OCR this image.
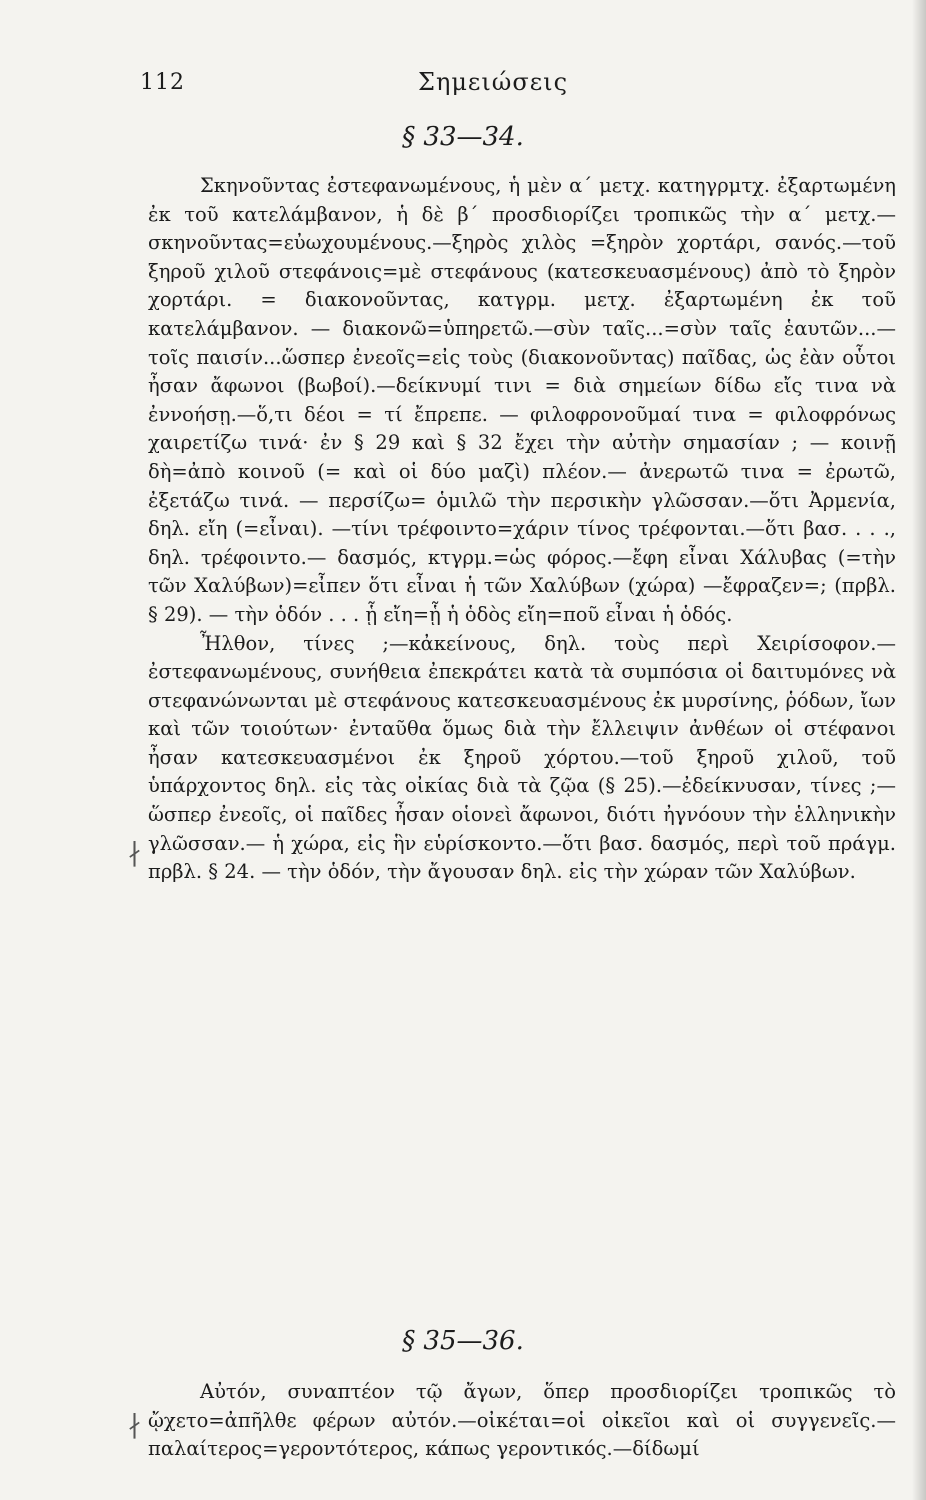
112	Σημειώσεις
§ 33—34.

Σκηνοῦντας ἐστεφανωμένους, ἡ μὲν α΄ μετχ. κατηγρμτχ. ἐξαρτωμένη ἐκ τοῦ κατελάμβανον, ἡ δὲ β΄ προσδιορίζει τροπικῶς τὴν α΄ μετχ.—σκηνοῦντας=εὐωχουμένους.—ξηρὸς χιλὸς =ξηρὸν χορτάρι, σανός.—τοῦ ξηροῦ χιλοῦ στεφάνοις=μὲ στεφάνους (κατεσκευασμένους) ἀπὸ τὸ ξηρὸν χορτάρι. = διακονοῦντας, κατγρμ. μετχ. ἐξαρτωμένη ἐκ τοῦ κατελάμβανον. — διακονῶ=ὑπηρετῶ.—σὺν ταῖς...=σὺν ταῖς ἑαυτῶν...—τοῖς παισίν...ὥσπερ ἐνεοῖς=εἰς τοὺς (διακονοῦντας) παῖδας, ὡς ἐὰν οὗτοι ἦσαν ἄφωνοι (βωβοί).—δείκνυμί τινι = διὰ σημείων δίδω εἴς τινα νὰ ἐννοήσῃ.—ὅ,τι δέοι = τί ἔπρεπε. — φιλοφρονοῦμαί τινα = φιλοφρόνως χαιρετίζω τινά· ἐν § 29 καὶ § 32 ἔχει τὴν αὐτὴν σημασίαν ; — κοινῇ δὴ=ἀπὸ κοινοῦ (= καὶ οἱ δύο μαζὶ) πλέον.— ἀνερωτῶ τινα = ἐρωτῶ, ἐξετάζω τινά. — περσίζω= ὁμιλῶ τὴν περσικὴν γλῶσσαν.—ὅτι Ἀρμενία, δηλ. εἴη (=εἶναι). —τίνι τρέφοιντο=χάριν τίνος τρέφονται.—ὅτι βασ. . . ., δηλ. τρέφοιντο.— δασμός, κτγρμ.=ὡς φόρος.—ἔφη εἶναι Χάλυβας (=τὴν τῶν Χαλύβων)=εἶπεν ὅτι εἶναι ἡ τῶν Χαλύβων (χώρα) —ἔφραζεν=; (πρβλ. § 29). — τὴν ὁδόν . . . ᾗ εἴη=ᾗ ἡ ὁδὸς εἴη=ποῦ εἶναι ἡ ὁδός.

Ἦλθον, τίνες ;—κἀκείνους, δηλ. τοὺς περὶ Χειρίσοφον.— ἐστεφανωμένους, συνήθεια ἐπεκράτει κατὰ τὰ συμπόσια οἱ δαιτυμόνες νὰ στεφανώνωνται μὲ στεφάνους κατεσκευασμένους ἐκ μυρσίνης, ῥόδων, ἴων καὶ τῶν τοιούτων· ἐνταῦθα ὅμως διὰ τὴν ἔλλειψιν ἀνθέων οἱ στέφανοι ἦσαν κατεσκευασμένοι ἐκ ξηροῦ χόρτου.—τοῦ ξηροῦ χιλοῦ, τοῦ ὑπάρχοντος δηλ. εἰς τὰς οἰκίας διὰ τὰ ζῷα (§ 25).—ἐδείκνυσαν, τίνες ;—ὥσπερ ἐνεοῖς, οἱ παῖδες ἦσαν οἱονεὶ ἄφωνοι, διότι ἠγνόουν τὴν ἑλληνικὴν γλῶσσαν.— ἡ χώρα, εἰς ἣν εὑρίσκοντο.—ὅτι βασ. δασμός, περὶ τοῦ πράγμ. πρβλ. § 24. — τὴν ὁδόν, τὴν ἄγουσαν δηλ. εἰς τὴν χώραν τῶν Χαλύβων.

§ 35—36.

Αὐτόν, συναπτέον τῷ ἄγων, ὅπερ προσδιορίζει τροπικῶς τὸ ᾤχετο=ἀπῆλθε φέρων αὐτόν.—οἰκέται=οἱ οἰκεῖοι καὶ οἱ συγγενεῖς.—παλαίτερος=γεροντότερος, κάπως γεροντικός.—δίδωμί

∤
∤
